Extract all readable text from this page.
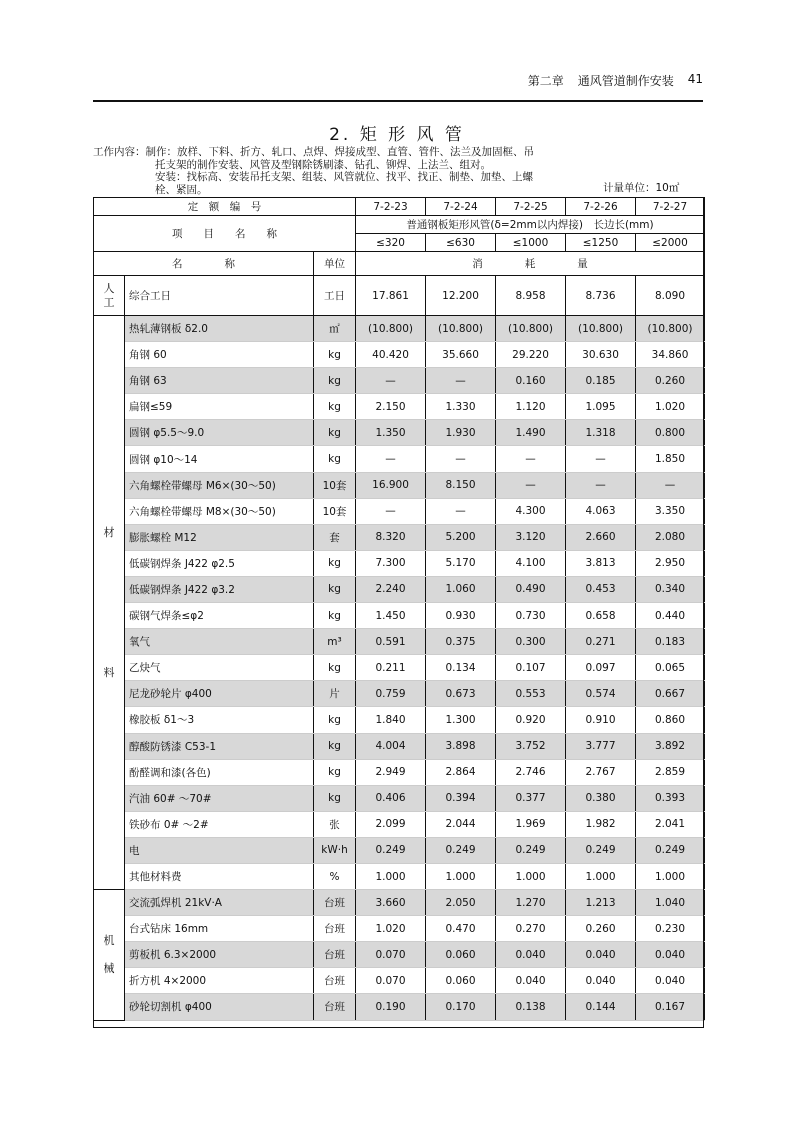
第二章 通风管道制作安装 41
2. 矩 形 风 管
工作内容：制作：放样、下料、折方、轧口、点焊、焊接成型、直管、管件、法兰及加固框、吊
托支架的制作安装、风管及型钢除锈刷漆、钻孔、铆焊、上法兰、组对。
安装：找标高、安装吊托支架、组装、风管就位、找平、找正、制垫、加垫、上螺
栓、紧固。	计量单位：10㎡
定　额　编　号			7-2-23	7-2-24	7-2-25	7-2-26	7-2-27
项　　目　　名　　称			普通钢板矩形风管(δ=2mm以内焊接)　长边长(mm)				
			≤320	≤630	≤1000	≤1250	≤2000
名　　　　称		单位	消　　　　耗　　　　量				
人
工	综合工日	工日	17.861	12.200	8.958	8.736	8.090
材

料	热轧薄钢板 δ2.0	㎡	(10.800)	(10.800)	(10.800)	(10.800)	(10.800)
	角钢 60	kg	40.420	35.660	29.220	30.630	34.860
	角钢 63	kg	—	—	0.160	0.185	0.260
	扁钢≤59	kg	2.150	1.330	1.120	1.095	1.020
	圆钢 φ5.5～9.0	kg	1.350	1.930	1.490	1.318	0.800
	圆钢 φ10～14	kg	—	—	—	—	1.850
	六角螺栓带螺母 M6×(30～50)	10套	16.900	8.150	—	—	—
	六角螺栓带螺母 M8×(30～50)	10套	—	—	4.300	4.063	3.350
	膨胀螺栓 M12	套	8.320	5.200	3.120	2.660	2.080
	低碳钢焊条 J422 φ2.5	kg	7.300	5.170	4.100	3.813	2.950
	低碳钢焊条 J422 φ3.2	kg	2.240	1.060	0.490	0.453	0.340
	碳钢气焊条≤φ2	kg	1.450	0.930	0.730	0.658	0.440
	氧气	m³	0.591	0.375	0.300	0.271	0.183
	乙炔气	kg	0.211	0.134	0.107	0.097	0.065
	尼龙砂轮片 φ400	片	0.759	0.673	0.553	0.574	0.667
	橡胶板 δ1～3	kg	1.840	1.300	0.920	0.910	0.860
	醇酸防锈漆 C53-1	kg	4.004	3.898	3.752	3.777	3.892
	酚醛调和漆(各色)	kg	2.949	2.864	2.746	2.767	2.859
	汽油 60# ～70#	kg	0.406	0.394	0.377	0.380	0.393
	铁砂布 0# ～2#	张	2.099	2.044	1.969	1.982	2.041
	电	kW·h	0.249	0.249	0.249	0.249	0.249
	其他材料费	%	1.000	1.000	1.000	1.000	1.000
机

械	交流弧焊机 21kV·A	台班	3.660	2.050	1.270	1.213	1.040
	台式钻床 16mm	台班	1.020	0.470	0.270	0.260	0.230
	剪板机 6.3×2000	台班	0.070	0.060	0.040	0.040	0.040
	折方机 4×2000	台班	0.070	0.060	0.040	0.040	0.040
	砂轮切割机 φ400	台班	0.190	0.170	0.138	0.144	0.167
